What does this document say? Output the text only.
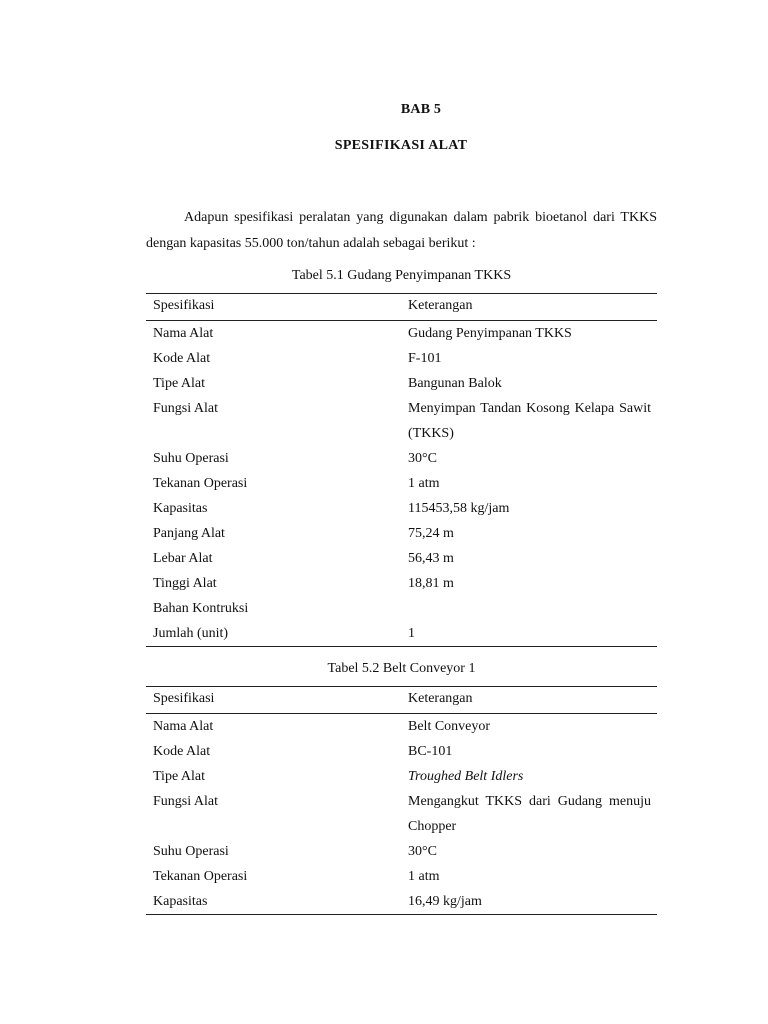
BAB 5
SPESIFIKASI ALAT

Adapun spesifikasi peralatan yang digunakan dalam pabrik bioetanol dari TKKS dengan kapasitas 55.000 ton/tahun adalah sebagai berikut :

Tabel 5.1 Gudang Penyimpanan TKKS
Spesifikasi	Keterangan
Nama Alat	Gudang Penyimpanan TKKS
Kode Alat	F-101
Tipe Alat	Bangunan Balok
Fungsi Alat	Menyimpan Tandan Kosong Kelapa Sawit (TKKS)
Suhu Operasi	30°C
Tekanan Operasi	1 atm
Kapasitas	115453,58 kg/jam
Panjang Alat	75,24 m
Lebar Alat	56,43 m
Tinggi Alat	18,81 m
Bahan Kontruksi	
Jumlah (unit)	1
Tabel 5.2 Belt Conveyor 1
Spesifikasi	Keterangan
Nama Alat	Belt Conveyor
Kode Alat	BC-101
Tipe Alat	Troughed Belt Idlers
Fungsi Alat	Mengangkut TKKS dari Gudang menuju Chopper
Suhu Operasi	30°C
Tekanan Operasi	1 atm
Kapasitas	16,49 kg/jam
